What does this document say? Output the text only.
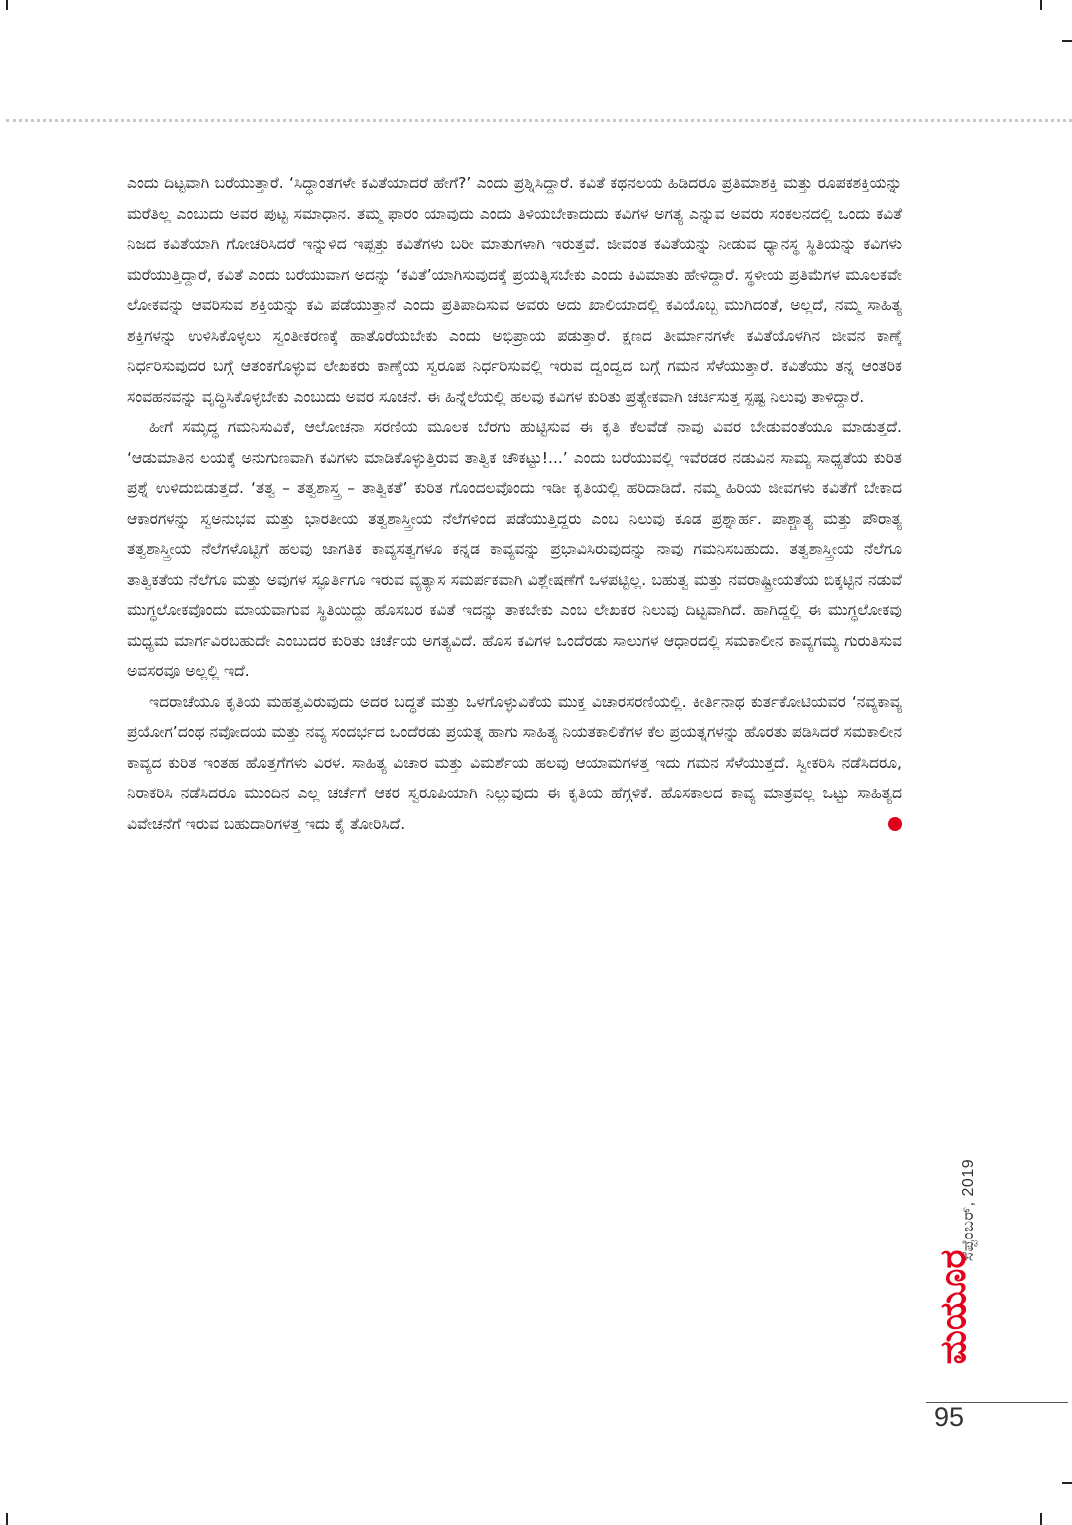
ಎಂದು ದಿಟ್ಟವಾಗಿ ಬರೆಯುತ್ತಾರೆ. ‘ಸಿದ್ಧಾಂತಗಳೇ ಕವಿತೆಯಾದರೆ ಹೇಗೆ?’ ಎಂದು ಪ್ರಶ್ನಿಸಿದ್ದಾರೆ. ಕವಿತೆ ಕಥನಲಯ ಹಿಡಿದರೂ ಪ್ರತಿಮಾಶಕ್ತಿ ಮತ್ತು ರೂಪಕಶಕ್ತಿಯನ್ನು ಮರೆತಿಲ್ಲ ಎಂಬುದು ಅವರ ಪುಟ್ಟ ಸಮಾಧಾನ. ತಮ್ಮ ಫಾರಂ ಯಾವುದು ಎಂದು ತಿಳಿಯಬೇಕಾದುದು ಕವಿಗಳ ಅಗತ್ಯ ಎನ್ನುವ ಅವರು ಸಂಕಲನದಲ್ಲಿ ಒಂದು ಕವಿತೆ ನಿಜದ ಕವಿತೆಯಾಗಿ ಗೋಚರಿಸಿದರೆ ಇನ್ನುಳಿದ ಇಪ್ಪತ್ತು ಕವಿತೆಗಳು ಬರೀ ಮಾತುಗಳಾಗಿ ಇರುತ್ತವೆ. ಜೀವಂತ ಕವಿತೆಯನ್ನು ನೀಡುವ ಧ್ಯಾನಸ್ಥ ಸ್ಥಿತಿಯನ್ನು ಕವಿಗಳು ಮರೆಯುತ್ತಿದ್ದಾರೆ, ಕವಿತೆ ಎಂದು ಬರೆಯುವಾಗ ಅದನ್ನು ‘ಕವಿತೆ’ಯಾಗಿಸುವುದಕ್ಕೆ ಪ್ರಯತ್ನಿಸಬೇಕು ಎಂದು ಕಿವಿಮಾತು ಹೇಳಿದ್ದಾರೆ. ಸ್ಥಳೀಯ ಪ್ರತಿಮೆಗಳ ಮೂಲಕವೇ ಲೋಕವನ್ನು ಆವರಿಸುವ ಶಕ್ತಿಯನ್ನು ಕವಿ ಪಡೆಯುತ್ತಾನೆ ಎಂದು ಪ್ರತಿಪಾದಿಸುವ ಅವರು ಅದು ಖಾಲಿಯಾದಲ್ಲಿ ಕವಿಯೊಬ್ಬ ಮುಗಿದಂತೆ, ಅಲ್ಲದೆ, ನಮ್ಮ ಸಾಹಿತ್ಯ ಶಕ್ತಿಗಳನ್ನು ಉಳಿಸಿಕೊಳ್ಳಲು ಸ್ವಂತೀಕರಣಕ್ಕೆ ಹಾತೊರೆಯಬೇಕು ಎಂದು ಅಭಿಪ್ರಾಯ ಪಡುತ್ತಾರೆ. ಕ್ಷಣದ ತೀರ್ಮಾನಗಳೇ ಕವಿತೆಯೊಳಗಿನ ಜೀವನ ಕಾಣ್ಕೆ ನಿರ್ಧರಿಸುವುದರ ಬಗ್ಗೆ ಆತಂಕಗೊಳ್ಳುವ ಲೇಖಕರು ಕಾಣ್ಕೆಯ ಸ್ವರೂಪ ನಿರ್ಧರಿಸುವಲ್ಲಿ ಇರುವ ದ್ವಂದ್ವದ ಬಗ್ಗೆ ಗಮನ ಸೆಳೆಯುತ್ತಾರೆ. ಕವಿತೆಯು ತನ್ನ ಆಂತರಿಕ ಸಂವಹನವನ್ನು ವೃದ್ಧಿಸಿಕೊಳ್ಳಬೇಕು ಎಂಬುದು ಅವರ ಸೂಚನೆ. ಈ ಹಿನ್ನೆಲೆಯಲ್ಲಿ ಹಲವು ಕವಿಗಳ ಕುರಿತು ಪ್ರತ್ಯೇಕವಾಗಿ ಚರ್ಚಿಸುತ್ತ ಸ್ಪಷ್ಟ ನಿಲುವು ತಾಳಿದ್ದಾರೆ.

ಹೀಗೆ ಸಮೃದ್ಧ ಗಮನಿಸುವಿಕೆ, ಆಲೋಚನಾ ಸರಣಿಯ ಮೂಲಕ ಬೆರಗು ಹುಟ್ಟಿಸುವ ಈ ಕೃತಿ ಕೆಲವೆಡೆ ನಾವು ವಿವರ ಬೇಡುವಂತೆಯೂ ಮಾಡುತ್ತದೆ. ‘ಆಡುಮಾತಿನ ಲಯಕ್ಕೆ ಅನುಗುಣವಾಗಿ ಕವಿಗಳು ಮಾಡಿಕೊಳ್ಳುತ್ತಿರುವ ತಾತ್ವಿಕ ಚೌಕಟ್ಟು!...’ ಎಂದು ಬರೆಯುವಲ್ಲಿ ಇವೆರಡರ ನಡುವಿನ ಸಾಮ್ಯ ಸಾಧ್ಯತೆಯ ಕುರಿತ ಪ್ರಶ್ನೆ ಉಳಿದುಬಿಡುತ್ತದೆ. ‘ತತ್ವ – ತತ್ವಶಾಸ್ತ್ರ – ತಾತ್ವಿಕತೆ’ ಕುರಿತ ಗೊಂದಲವೊಂದು ಇಡೀ ಕೃತಿಯಲ್ಲಿ ಹರಿದಾಡಿದೆ. ನಮ್ಮ ಹಿರಿಯ ಜೀವಗಳು ಕವಿತೆಗೆ ಬೇಕಾದ ಆಕಾರಗಳನ್ನು ಸ್ವಅನುಭವ ಮತ್ತು ಭಾರತೀಯ ತತ್ವಶಾಸ್ತ್ರೀಯ ನೆಲೆಗಳಿಂದ ಪಡೆಯುತ್ತಿದ್ದರು ಎಂಬ ನಿಲುವು ಕೂಡ ಪ್ರಶ್ನಾರ್ಹ. ಪಾಶ್ಚಾತ್ಯ ಮತ್ತು ಪೌರಾತ್ಯ ತತ್ವಶಾಸ್ತ್ರೀಯ ನೆಲೆಗಳೊಟ್ಟಿಗೆ ಹಲವು ಜಾಗತಿಕ ಕಾವ್ಯಸತ್ವಗಳೂ ಕನ್ನಡ ಕಾವ್ಯವನ್ನು ಪ್ರಭಾವಿಸಿರುವುದನ್ನು ನಾವು ಗಮನಿಸಬಹುದು. ತತ್ವಶಾಸ್ತ್ರೀಯ ನೆಲೆಗೂ ತಾತ್ವಿಕತೆಯ ನೆಲೆಗೂ ಮತ್ತು ಅವುಗಳ ಸ್ಫೂರ್ತಿಗೂ ಇರುವ ವ್ಯತ್ಯಾಸ ಸಮರ್ಪಕವಾಗಿ ವಿಶ್ಲೇಷಣೆಗೆ ಒಳಪಟ್ಟಿಲ್ಲ. ಬಹುತ್ವ ಮತ್ತು ನವರಾಷ್ಟ್ರೀಯತೆಯ ಬಿಕ್ಕಟ್ಟಿನ ನಡುವೆ ಮುಗ್ಧಲೋಕವೊಂದು ಮಾಯವಾಗುವ ಸ್ಥಿತಿಯಿದ್ದು ಹೊಸಬರ ಕವಿತೆ ಇದನ್ನು ತಾಕಬೇಕು ಎಂಬ ಲೇಖಕರ ನಿಲುವು ದಿಟ್ಟವಾಗಿದೆ. ಹಾಗಿದ್ದಲ್ಲಿ ಈ ಮುಗ್ಧಲೋಕವು ಮಧ್ಯಮ ಮಾರ್ಗವಿರಬಹುದೇ ಎಂಬುದರ ಕುರಿತು ಚರ್ಚೆಯ ಅಗತ್ಯವಿದೆ. ಹೊಸ ಕವಿಗಳ ಒಂದೆರಡು ಸಾಲುಗಳ ಆಧಾರದಲ್ಲಿ ಸಮಕಾಲೀನ ಕಾವ್ಯಗಮ್ಯ ಗುರುತಿಸುವ ಅವಸರವೂ ಅಲ್ಲಲ್ಲಿ ಇದೆ.

ಇದರಾಚೆಯೂ ಕೃತಿಯ ಮಹತ್ವವಿರುವುದು ಅದರ ಬದ್ಧತೆ ಮತ್ತು ಒಳಗೊಳ್ಳುವಿಕೆಯ ಮುಕ್ತ ವಿಚಾರಸರಣಿಯಲ್ಲಿ. ಕೀರ್ತಿನಾಥ ಕುರ್ತಕೋಟಿಯವರ ‘ನವ್ಯಕಾವ್ಯ ಪ್ರಯೋಗ’ದಂಥ ನವೋದಯ ಮತ್ತು ನವ್ಯ ಸಂದರ್ಭದ ಒಂದೆರಡು ಪ್ರಯತ್ನ ಹಾಗು ಸಾಹಿತ್ಯ ನಿಯತಕಾಲಿಕೆಗಳ ಕೆಲ ಪ್ರಯತ್ನಗಳನ್ನು ಹೊರತು ಪಡಿಸಿದರೆ ಸಮಕಾಲೀನ ಕಾವ್ಯದ ಕುರಿತ ಇಂತಹ ಹೊತ್ತಗೆಗಳು ವಿರಳ. ಸಾಹಿತ್ಯ ವಿಚಾರ ಮತ್ತು ವಿಮರ್ಶೆಯ ಹಲವು ಆಯಾಮಗಳತ್ತ ಇದು ಗಮನ ಸೆಳೆಯುತ್ತದೆ. ಸ್ವೀಕರಿಸಿ ನಡೆಸಿದರೂ, ನಿರಾಕರಿಸಿ ನಡೆಸಿದರೂ ಮುಂದಿನ ಎಲ್ಲ ಚರ್ಚೆಗೆ ಆಕರ ಸ್ವರೂಪಿಯಾಗಿ ನಿಲ್ಲುವುದು ಈ ಕೃತಿಯ ಹೆಗ್ಗಳಿಕೆ. ಹೊಸಕಾಲದ ಕಾವ್ಯ ಮಾತ್ರವಲ್ಲ ಒಟ್ಟು ಸಾಹಿತ್ಯದ ವಿವೇಚನೆಗೆ ಇರುವ ಬಹುದಾರಿಗಳತ್ತ ಇದು ಕೈ ತೋರಿಸಿದೆ.

ಸೆಪ್ಟೆಂಬರ್, 2019
ಮಯೂರ
95
